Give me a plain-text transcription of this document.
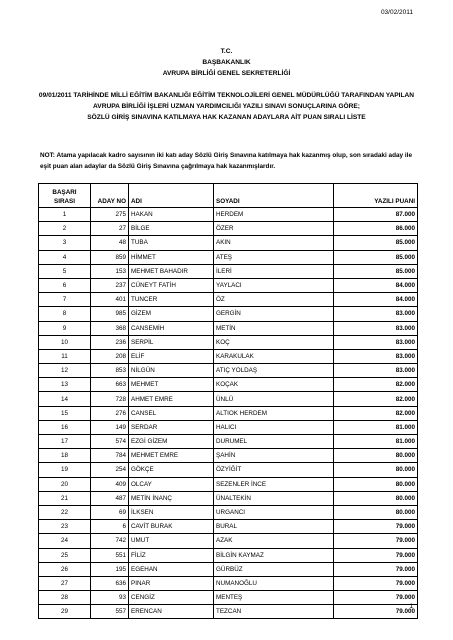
03/02/2011
T.C.
BAŞBAKANLIK
AVRUPA BİRLİĞİ GENEL SEKRETERLİĞİ
09/01/2011 TARİHİNDE MİLLİ EĞİTİM BAKANLIĞI EĞİTİM TEKNOLOJİLERİ GENEL MÜDÜRLÜĞÜ TARAFINDAN YAPILAN
AVRUPA BİRLİĞİ İŞLERİ UZMAN YARDIMCILIĞI YAZILI SINAVI SONUÇLARINA GÖRE;
SÖZLÜ GİRİŞ SINAVINA KATILMAYA HAK KAZANAN ADAYLARA AİT PUAN SIRALI LİSTE
NOT: Atama yapılacak kadro sayısının iki katı aday Sözlü Giriş Sınavına katılmaya hak kazanmış olup, son sıradaki aday ile eşit puan alan adaylar da Sözlü Giriş Sınavına çağrılmaya hak kazanmışlardır.
BAŞARI
SIRASI	ADAY NO	ADI	SOYADI	YAZILI PUANI
1	275	HAKAN	HERDEM	87.000
2	27	BİLGE	ÖZER	86.000
3	48	TUBA	AKIN	85.000
4	859	HİMMET	ATEŞ	85.000
5	153	MEHMET BAHADIR	İLERİ	85.000
6	237	CÜNEYT FATİH	YAYLACI	84.000
7	401	TUNCER	ÖZ	84.000
8	985	GİZEM	GERGİN	83.000
9	368	CANSEMİH	METİN	83.000
10	236	SERPİL	KOÇ	83.000
11	208	ELİF	KARAKULAK	83.000
12	853	NİLGÜN	ATIÇ YOLDAŞ	83.000
13	663	MEHMET	KOÇAK	82.000
14	728	AHMET EMRE	ÜNLÜ	82.000
15	276	CANSEL	ALTIOK HERDEM	82.000
16	149	SERDAR	HALICI	81.000
17	574	EZGİ GİZEM	DURUMEL	81.000
18	784	MEHMET EMRE	ŞAHİN	80.000
19	254	GÖKÇE	ÖZYİĞİT	80.000
20	409	OLCAY	SEZENLER İNCE	80.000
21	487	METİN İNANÇ	ÜNALTEKİN	80.000
22	69	İLKSEN	URGANCI	80.000
23	6	CAVİT BURAK	BURAL	79.000
24	742	UMUT	AZAK	79.000
25	551	FİLİZ	BİLGİN KAYMAZ	79.000
26	195	EGEHAN	GÜRBÜZ	79.000
27	636	PINAR	NUMANOĞLU	79.000
28	93	CENGİZ	MENTEŞ	79.000
29	557	ERENCAN	TEZCAN	79.000
1
